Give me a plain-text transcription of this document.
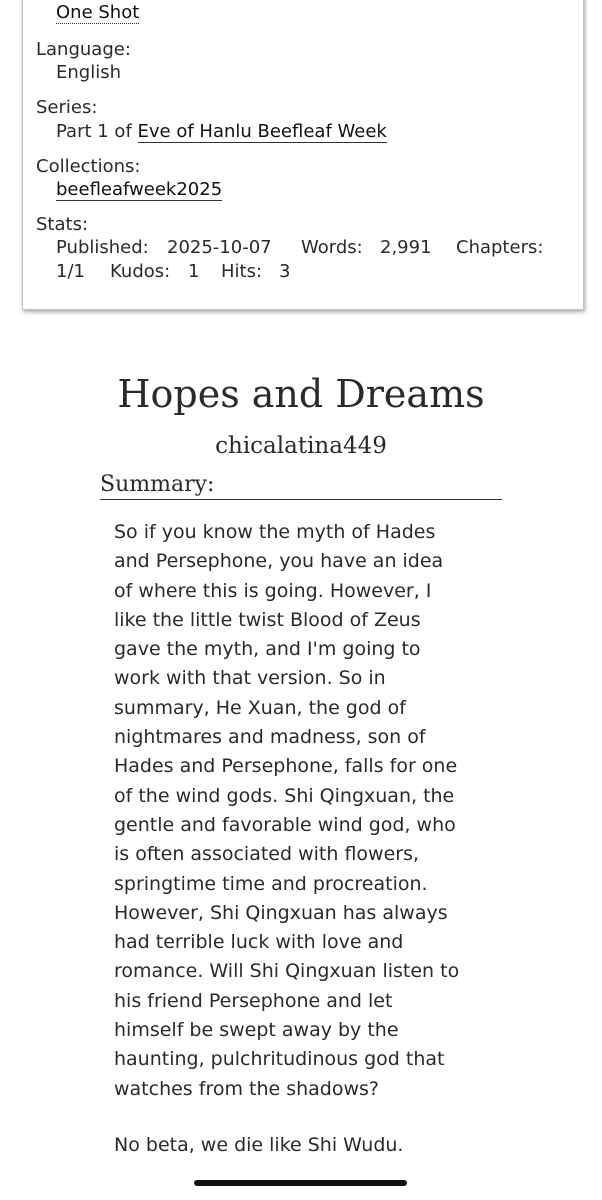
One Shot
Language:
English
Series:
Part 1 of Eve of Hanlu Beefleaf Week
Collections:
beefleafweek2025
Stats:
Published: 2025-10-07 Words: 2,991 Chapters:
1/1 Kudos: 1 Hits: 3
Hopes and Dreams
chicalatina449
Summary:
So if you know the myth of Hades
and Persephone, you have an idea
of where this is going. However, I
like the little twist Blood of Zeus
gave the myth, and I'm going to
work with that version. So in
summary, He Xuan, the god of
nightmares and madness, son of
Hades and Persephone, falls for one
of the wind gods. Shi Qingxuan, the
gentle and favorable wind god, who
is often associated with flowers,
springtime time and procreation.
However, Shi Qingxuan has always
had terrible luck with love and
romance. Will Shi Qingxuan listen to
his friend Persephone and let
himself be swept away by the
haunting, pulchritudinous god that
watches from the shadows?
No beta, we die like Shi Wudu.
